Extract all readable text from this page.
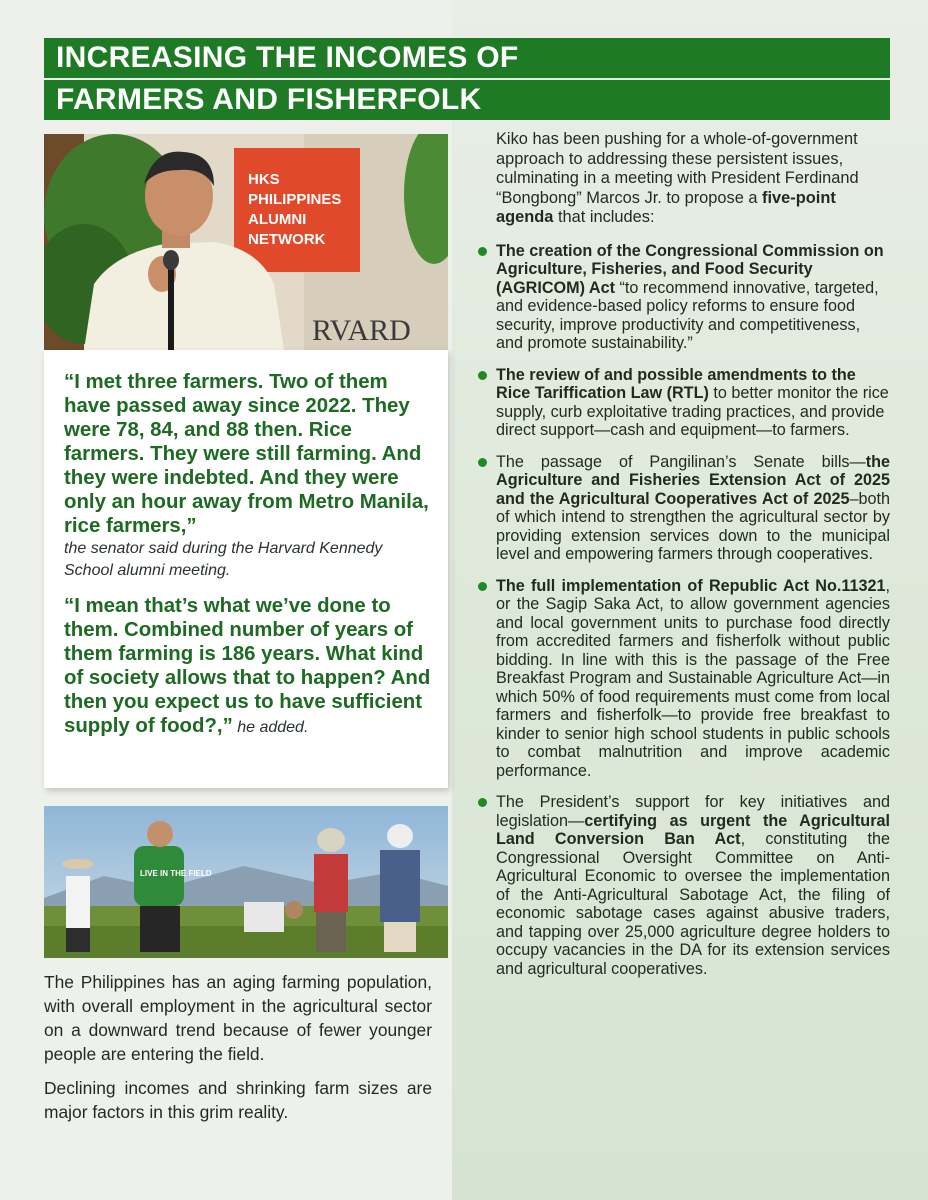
INCREASING THE INCOMES OF
FARMERS AND FISHERFOLK
HKS
PHILIPPINES
ALUMNI
NETWORK
RVARD
“I met three farmers. Two of them have passed away since 2022. They were 78, 84, and 88 then. Rice farmers. They were still farming. And they were indebted. And they were only an hour away from Metro Manila, rice farmers,”
the senator said during the Harvard Kennedy School alumni meeting.
“I mean that’s what we’ve done to them. Combined number of years of them farming is 186 years. What kind of society allows that to happen? And then you expect us to have sufficient supply of food?,” he added.
LIVE IN THE FIELD

The Philippines has an aging farming population, with overall employment in the agricultural sector on a downward trend because of fewer younger people are entering the field.

Declining incomes and shrinking farm sizes are major factors in this grim reality.

Kiko has been pushing for a whole-of-government approach to addressing these persistent issues, culminating in a meeting with President Ferdinand “Bongbong” Marcos Jr. to propose a five-point agenda that includes:

The creation of the Congressional Commission on Agriculture, Fisheries, and Food Security (AGRICOM) Act “to recommend innovative, targeted, and evidence-based policy reforms to ensure food security, improve productivity and competitiveness, and promote sustainability.”
The review of and possible amendments to the Rice Tariffication Law (RTL) to better monitor the rice supply, curb exploitative trading practices, and provide direct support—cash and equipment—to farmers.
The passage of Pangilinan’s Senate bills—the Agriculture and Fisheries Extension Act of 2025 and the Agricultural Cooperatives Act of 2025–both of which intend to strengthen the agricultural sector by providing extension services down to the municipal level and empowering farmers through cooperatives.
The full implementation of Republic Act No.11321, or the Sagip Saka Act, to allow government agencies and local government units to purchase food directly from accredited farmers and fisherfolk without public bidding. In line with this is the passage of the Free Breakfast Program and Sustainable Agriculture Act—in which 50% of food requirements must come from local farmers and fisherfolk—to provide free breakfast to kinder to senior high school students in public schools to combat malnutrition and improve academic performance.
The President’s support for key initiatives and legislation—certifying as urgent the Agricultural Land Conversion Ban Act, constituting the Congressional Oversight Committee on Anti-Agricultural Economic to oversee the implementation of the Anti-Agricultural Sabotage Act, the filing of economic sabotage cases against abusive traders, and tapping over 25,000 agriculture degree holders to occupy vacancies in the DA for its extension services and agricultural cooperatives.
